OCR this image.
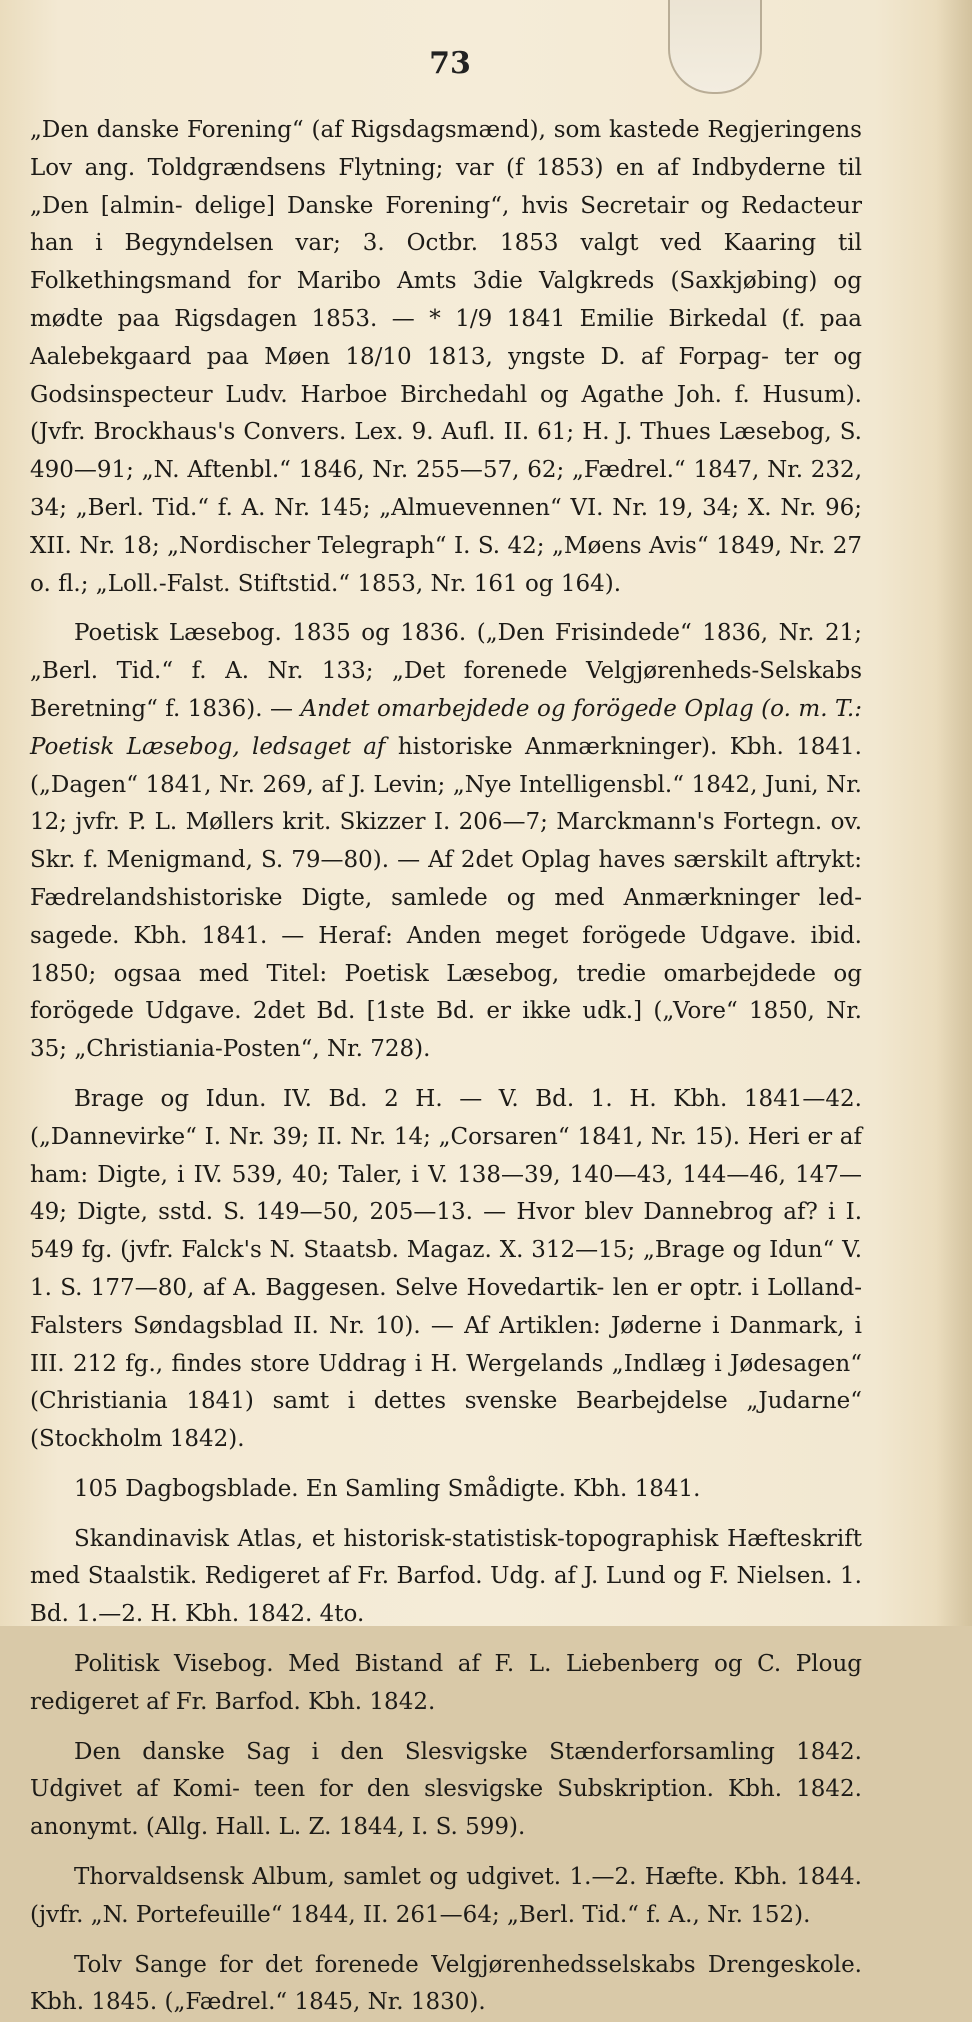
73

„Den danske Forening“ (af Rigsdagsmænd), som kastede Regjeringens Lov ang. Toldgrændsens Flytning; var (f 1853) en af Indbyderne til „Den [almin- delige] Danske Forening“, hvis Secretair og Redacteur han i Begyndelsen var; 3. Octbr. 1853 valgt ved Kaaring til Folkethingsmand for Maribo Amts 3die Valgkreds (Saxkjøbing) og mødte paa Rigsdagen 1853. — * 1/9 1841 Emilie Birkedal (f. paa Aalebekgaard paa Møen 18/10 1813, yngste D. af Forpag- ter og Godsinspecteur Ludv. Harboe Birchedahl og Agathe Joh. f. Husum). (Jvfr. Brockhaus's Convers. Lex. 9. Aufl. II. 61; H. J. Thues Læsebog, S. 490—91; „N. Aftenbl.“ 1846, Nr. 255—57, 62; „Fædrel.“ 1847, Nr. 232, 34; „Berl. Tid.“ f. A. Nr. 145; „Almuevennen“ VI. Nr. 19, 34; X. Nr. 96; XII. Nr. 18; „Nordischer Telegraph“ I. S. 42; „Møens Avis“ 1849, Nr. 27 o. fl.; „Loll.-Falst. Stiftstid.“ 1853, Nr. 161 og 164).

Poetisk Læsebog. 1835 og 1836. („Den Frisindede“ 1836, Nr. 21; „Berl. Tid.“ f. A. Nr. 133; „Det forenede Velgjørenheds-Selskabs Beretning“ f. 1836). — Andet omarbejdede og forögede Oplag (o. m. T.: Poetisk Læsebog, ledsaget af historiske Anmærkninger). Kbh. 1841. („Dagen“ 1841, Nr. 269, af J. Levin; „Nye Intelligensbl.“ 1842, Juni, Nr. 12; jvfr. P. L. Møllers krit. Skizzer I. 206—7; Marckmann's Fortegn. ov. Skr. f. Menigmand, S. 79—80). — Af 2det Oplag haves særskilt aftrykt: Fædrelandshistoriske Digte, samlede og med Anmærkninger led- sagede. Kbh. 1841. — Heraf: Anden meget forögede Udgave. ibid. 1850; ogsaa med Titel: Poetisk Læsebog, tredie omarbejdede og forögede Udgave. 2det Bd. [1ste Bd. er ikke udk.] („Vore“ 1850, Nr. 35; „Christiania-Posten“, Nr. 728).

Brage og Idun. IV. Bd. 2 H. — V. Bd. 1. H. Kbh. 1841—42. („Dannevirke“ I. Nr. 39; II. Nr. 14; „Corsaren“ 1841, Nr. 15). Heri er af ham: Digte, i IV. 539, 40; Taler, i V. 138—39, 140—43, 144—46, 147—49; Digte, sstd. S. 149—50, 205—13. — Hvor blev Dannebrog af? i I. 549 fg. (jvfr. Falck's N. Staatsb. Magaz. X. 312—15; „Brage og Idun“ V. 1. S. 177—80, af A. Baggesen. Selve Hovedartik- len er optr. i Lolland-Falsters Søndagsblad II. Nr. 10). — Af Artiklen: Jøderne i Danmark, i III. 212 fg., findes store Uddrag i H. Wergelands „Indlæg i Jødesagen“ (Christiania 1841) samt i dettes svenske Bearbejdelse „Judarne“ (Stockholm 1842).

105 Dagbogsblade. En Samling Smådigte. Kbh. 1841.

Skandinavisk Atlas, et historisk-statistisk-topographisk Hæfteskrift med Staalstik. Redigeret af Fr. Barfod. Udg. af J. Lund og F. Nielsen. 1. Bd. 1.—2. H. Kbh. 1842. 4to.

Politisk Visebog. Med Bistand af F. L. Liebenberg og C. Ploug redigeret af Fr. Barfod. Kbh. 1842.

Den danske Sag i den Slesvigske Stænderforsamling 1842. Udgivet af Komi- teen for den slesvigske Subskription. Kbh. 1842. anonymt. (Allg. Hall. L. Z. 1844, I. S. 599).

Thorvaldsensk Album, samlet og udgivet. 1.—2. Hæfte. Kbh. 1844. (jvfr. „N. Portefeuille“ 1844, II. 261—64; „Berl. Tid.“ f. A., Nr. 152).

Tolv Sange for det forenede Velgjørenhedsselskabs Drengeskole. Kbh. 1845. („Fædrel.“ 1845, Nr. 1830).
